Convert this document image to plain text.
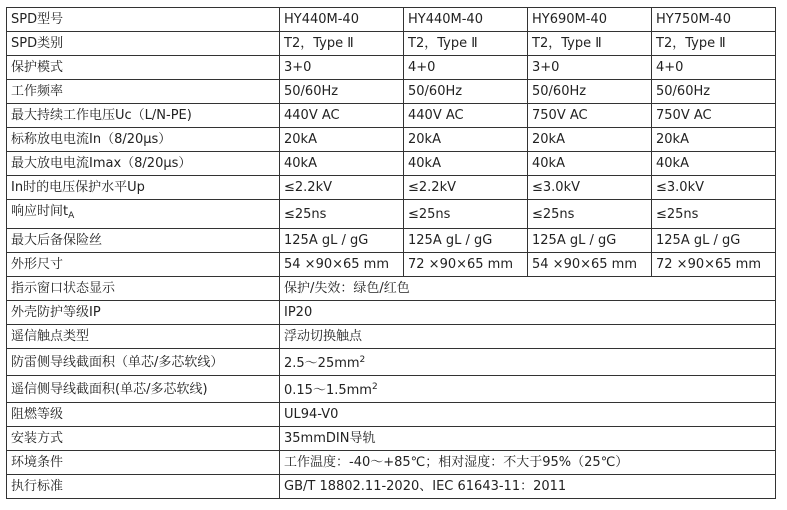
SPD型号	HY440M-40	HY440M-40	HY690M-40	HY750M-40
SPD类别	T2，Type Ⅱ	T2，Type Ⅱ	T2，Type Ⅱ	T2，Type Ⅱ
保护模式	3+0	4+0	3+0	4+0
工作频率	50/60Hz	50/60Hz	50/60Hz	50/60Hz
最大持续工作电压Uc（L/N-PE)	440V AC	440V AC	750V AC	750V AC
标称放电电流In（8/20μs）	20kA	20kA	20kA	20kA
最大放电电流Imax（8/20μs）	40kA	40kA	40kA	40kA
In时的电压保护水平Up	≤2.2kV	≤2.2kV	≤3.0kV	≤3.0kV
响应时间$t_A$	≤25ns	≤25ns	≤25ns	≤25ns
最大后备保险丝	125A gL / gG	125A gL / gG	125A gL / gG	125A gL / gG
外形尺寸	54 ×90×65 mm	72 ×90×65 mm	54 ×90×65 mm	72 ×90×65 mm
指示窗口状态显示	保护/失效：绿色/红色			
外壳防护等级IP	IP20			
遥信触点类型	浮动切换触点			
防雷侧导线截面积（单芯/多芯软线）	$2.5\sim 25mm^2$
遥信侧导线截面积(单芯/多芯软线)	$0.15\sim 1.5mm^2$
阻燃等级	UL94-V0			
安装方式	35mmDIN导轨			
环境条件	工作温度：-40～+85℃；相对湿度：不大于95%（25℃）			
执行标准	GB/T 18802.11-2020、IEC 61643-11：2011			
